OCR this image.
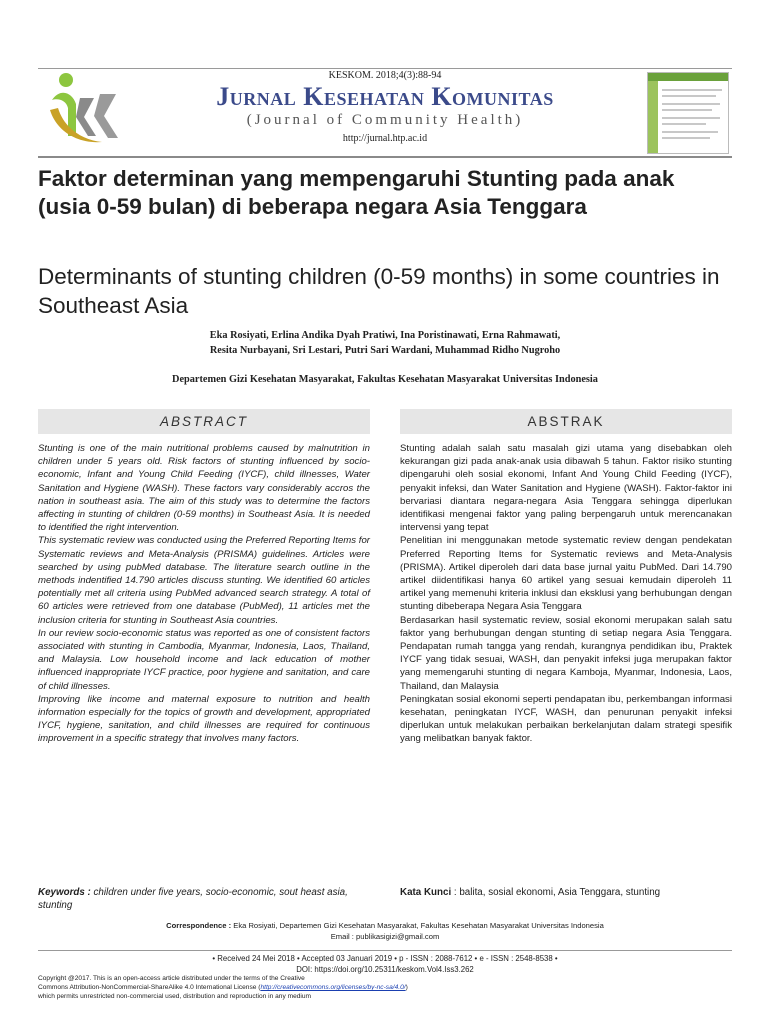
KESKOM. 2018;4(3):88-94
Jurnal Kesehatan Komunitas
(Journal of Community Health)
http://jurnal.htp.ac.id
Faktor determinan yang mempengaruhi Stunting pada anak (usia 0-59 bulan) di beberapa negara Asia Tenggara
Determinants of stunting children (0-59 months) in some countries in Southeast Asia
Eka Rosiyati, Erlina Andika Dyah Pratiwi, Ina Poristinawati, Erna Rahmawati,
Resita Nurbayani, Sri Lestari, Putri Sari Wardani, Muhammad Ridho Nugroho
Departemen Gizi Kesehatan Masyarakat, Fakultas Kesehatan Masyarakat Universitas Indonesia
ABSTRACT

Stunting is one of the main nutritional problems caused by malnutrition in children under 5 years old. Risk factors of stunting influenced by socio-economic, Infant and Young Child Feeding (IYCF), child illnesses, Water Sanitation and Hygiene (WASH). These factors vary considerably accros the nation in southeast asia. The aim of this study was to determine the factors affecting in stunting of children (0-59 months) in Southeast Asia. It is needed to identified the right intervention.

This systematic review was conducted using the Preferred Reporting Items for Systematic reviews and Meta-Analysis (PRISMA) guidelines. Articles were searched by using pubMed database. The literature search outline in the methods indentified 14.790 articles discuss stunting. We identified 60 articles potentially met all criteria using PubMed advanced search strategy. A total of 60 articles were retrieved from one database (PubMed), 11 articles met the inclusion criteria for stunting in Southeast Asia countries.

In our review socio-economic status was reported as one of consistent factors associated with stunting in Cambodia, Myanmar, Indonesia, Laos, Thailand, and Malaysia. Low household income and lack education of mother influenced inappropriate IYCF practice, poor hygiene and sanitation, and care of child illnesses.

Improving like income and maternal exposure to nutrition and health information especially for the topics of growth and development, appropriated IYCF, hygiene, sanitation, and child illnesses are required for continuous improvement in a specific strategy that involves many factors.

ABSTRAK

Stunting adalah salah satu masalah gizi utama yang disebabkan oleh kekurangan gizi pada anak-anak usia dibawah 5 tahun. Faktor risiko stunting dipengaruhi oleh sosial ekonomi, Infant And Young Child Feeding (IYCF), penyakit infeksi, dan Water Sanitation and Hygiene (WASH). Faktor-faktor ini bervariasi diantara negara-negara Asia Tenggara sehingga diperlukan identifikasi mengenai faktor yang paling berpengaruh untuk merencanakan intervensi yang tepat

Penelitian ini menggunakan metode systematic review dengan pendekatan Preferred Reporting Items for Systematic reviews and Meta-Analysis (PRISMA). Artikel diperoleh dari data base jurnal yaitu PubMed. Dari 14.790 artikel diidentifikasi hanya 60 artikel yang sesuai kemudain diperoleh 11 artikel yang memenuhi kriteria inklusi dan eksklusi yang berhubungan dengan stunting dibeberapa Negara Asia Tenggara

Berdasarkan hasil systematic review, sosial ekonomi merupakan salah satu faktor yang berhubungan dengan stunting di setiap negara Asia Tenggara. Pendapatan rumah tangga yang rendah, kurangnya pendidikan ibu, Praktek IYCF yang tidak sesuai, WASH, dan penyakit infeksi juga merupakan faktor yang memengaruhi stunting di negara Kamboja, Myanmar, Indonesia, Laos, Thailand, dan Malaysia

Peningkatan sosial ekonomi seperti pendapatan ibu, perkembangan informasi kesehatan, peningkatan IYCF, WASH, dan penurunan penyakit infeksi diperlukan untuk melakukan perbaikan berkelanjutan dalam strategi spesifik yang melibatkan banyak faktor.

Keywords : children under five years, socio-economic, sout heast asia, stunting
Kata Kunci : balita, sosial ekonomi, Asia Tenggara, stunting
Correspondence : Eka Rosiyati, Departemen Gizi Kesehatan Masyarakat, Fakultas Kesehatan Masyarakat Universitas Indonesia
Email : publikasigizi@gmail.com
• Received 24 Mei 2018 • Accepted 03 Januari 2019 • p - ISSN : 2088-7612 • e - ISSN : 2548-8538 •
DOI: https://doi.org/10.25311/keskom.Vol4.Iss3.262
Copyright @2017. This is an open-access article distributed under the terms of the Creative
Commons Attribution-NonCommercial-ShareAlike 4.0 International License (http://creativecommons.org/licenses/by-nc-sa/4.0/)
which permits unrestricted non-commercial used, distribution and reproduction in any medium
